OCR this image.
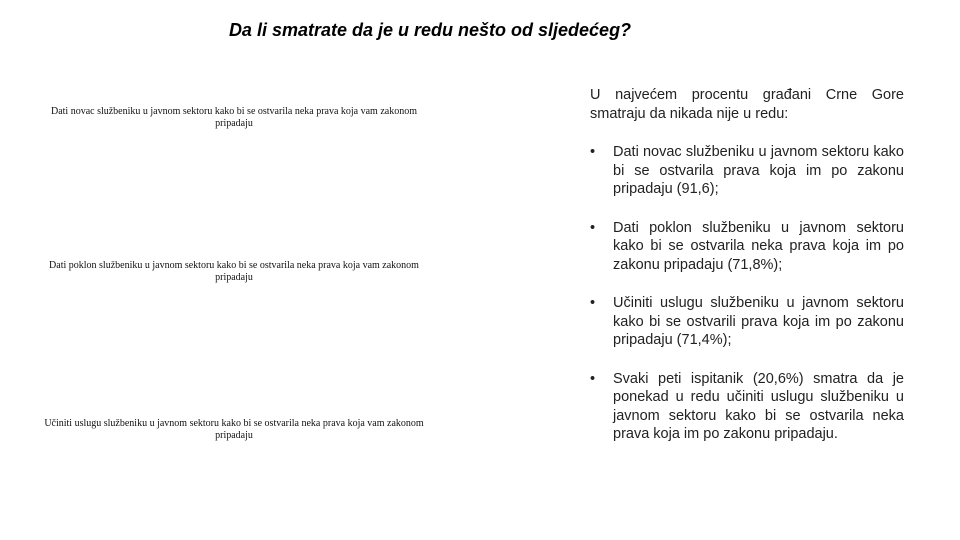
Da li smatrate da je u redu nešto od sljedećeg?
Dati novac službeniku u javnom sektoru kako bi se ostvarila neka prava koja vam zakonom pripadaju
Dati poklon službeniku u javnom sektoru kako bi se ostvarila neka prava koja vam zakonom pripadaju
Učiniti uslugu službeniku u javnom sektoru kako bi se ostvarila neka prava koja vam zakonom pripadaju

U najvećem procentu građani Crne Gore smatraju da nikada nije u redu:

• Dati novac službeniku u javnom sektoru kako bi se ostvarila prava koja im po zakonu pripadaju (91,6);
• Dati poklon službeniku u javnom sektoru kako bi se ostvarila neka prava koja im po zakonu pripadaju (71,8%);
• Učiniti uslugu službeniku u javnom sektoru kako bi se ostvarili prava koja im po zakonu pripadaju (71,4%);
• Svaki peti ispitanik (20,6%) smatra da je ponekad u redu učiniti uslugu službeniku u javnom sektoru kako bi se ostvarila neka prava koja im po zakonu pripadaju.
